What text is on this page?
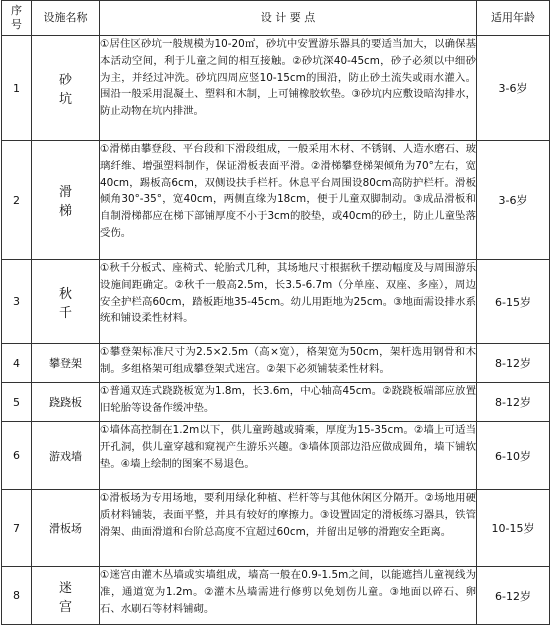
序
号	设施名称	设 计 要 点	适用年龄
1	砂 坑	①居住区砂坑一般规模为10-20㎡，砂坑中安置游乐器具的要适当加大，以确保基本活动空间，利于儿童之间的相互接触。②砂坑深40-45cm，砂子必须以中细砂为主，并经过冲洗。砂坑四周应竖10-15cm的围沿，防止砂土流失或雨水灌入。围沿一般采用混凝土、塑料和木制，上可铺橡胶软垫。③砂坑内应敷设暗沟排水，防止动物在坑内排泄。	3-6岁
2	滑 梯	①滑梯由攀登段、平台段和下滑段组成，一般采用木材、不锈钢、人造水磨石、玻璃纤维、增强塑料制作，保证滑板表面平滑。②滑梯攀登梯架倾角为70°左右，宽40cm，踢板高6cm，双侧设扶手栏杆。休息平台周围设80cm高防护栏杆。滑板倾角30°-35°，宽40cm，两侧直缘为18cm，便于儿童双脚制动。③成品滑板和自制滑梯都应在梯下部铺厚度不小于3cm的胶垫，或40cm的砂土，防止儿童坠落受伤。	3-6岁
3	秋 千	①秋千分板式、座椅式、轮胎式几种，其场地尺寸根据秋千摆动幅度及与周围游乐设施间距确定。②秋千一般高2.5m，长3.5-6.7m（分单座、双座、多座），周边安全护栏高60cm，踏板距地35-45cm。幼儿用距地为25cm。③地面需设排水系统和铺设柔性材料。	6-15岁
4	攀登架	①攀登架标准尺寸为2.5×2.5m（高×宽），格架宽为50cm，架杆选用钢骨和木制。多组格架可组成攀登架式迷宫。②架下必须铺装柔性材料。	8-12岁
5	跷跷板	①普通双连式跷跷板宽为1.8m，长3.6m，中心轴高45cm。②跷跷板端部应放置旧轮胎等设备作缓冲垫。	8-12岁
6	游戏墙	①墙体高控制在1.2m以下，供儿童跨越或骑乘，厚度为15-35cm。②墙上可适当开孔洞，供儿童穿越和窥视产生游乐兴趣。③墙体顶部边沿应做成圆角，墙下铺软垫。④墙上绘制的图案不易退色。	6-10岁
7	滑板场	①滑板场为专用场地，要利用绿化种植、栏杆等与其他休闲区分隔开。②场地用硬质材料铺装，表面平整，并具有较好的摩擦力。③设置固定的滑板练习器具，铁管滑架、曲面滑道和台阶总高度不宜超过60cm，并留出足够的滑跑安全距离。	10-15岁
8	迷 宫	①迷宫由灌木丛墙或实墙组成，墙高一般在0.9-1.5m之间，以能遮挡儿童视线为准，通道宽为1.2m。②灌木丛墙需进行修剪以免划伤儿童。③地面以碎石、卵石、水刷石等材料铺砌。	6-12岁
